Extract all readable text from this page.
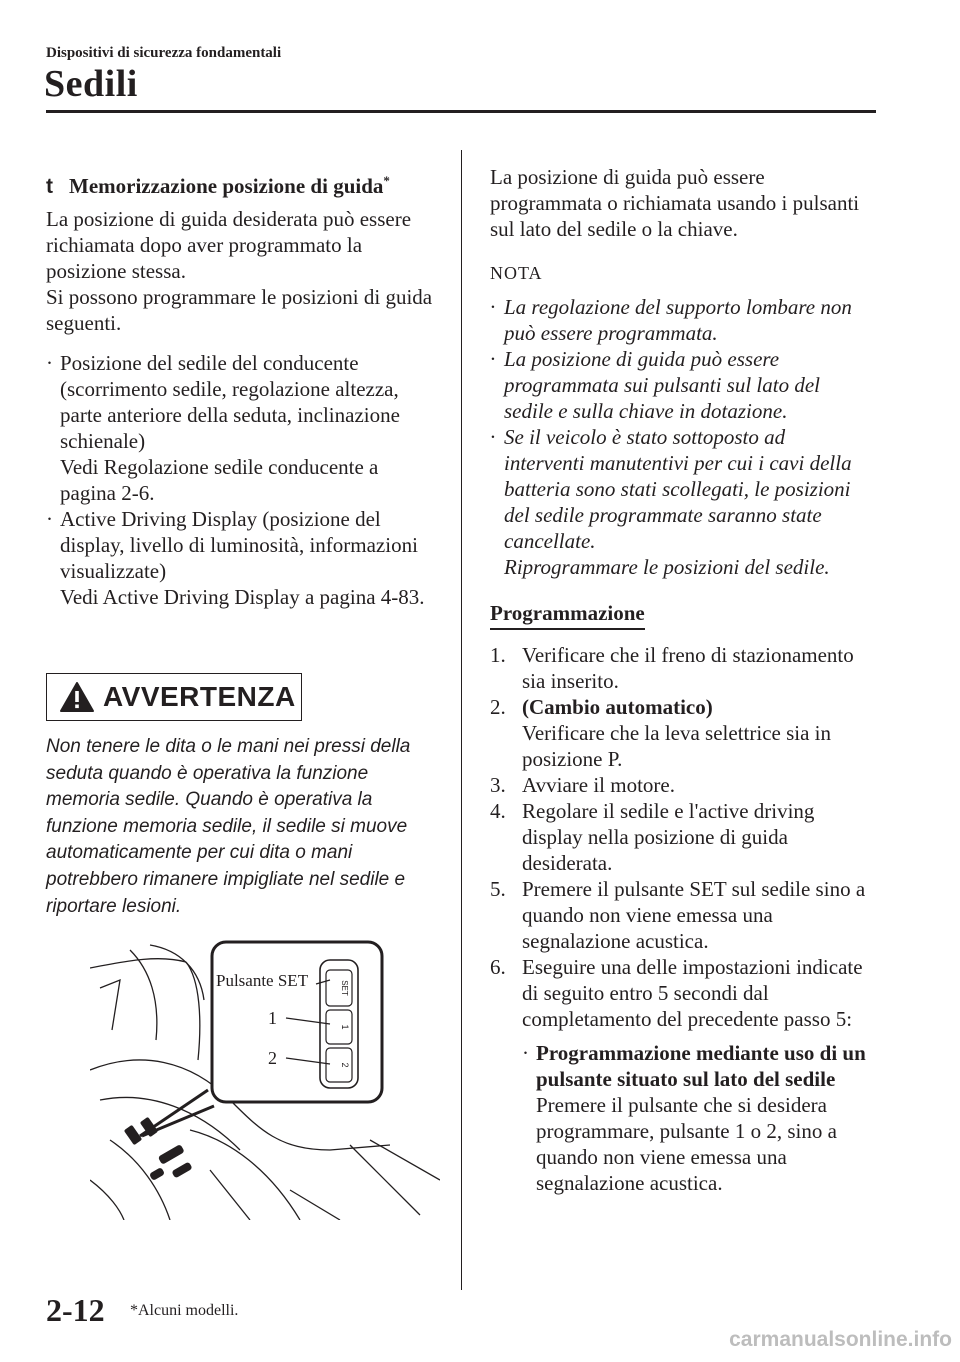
Dispositivi di sicurezza fondamentali
Sedili
t Memorizzazione posizione di guida*

La posizione di guida desiderata può essere richiamata dopo aver programmato la posizione stessa.

Si possono programmare le posizioni di guida seguenti.

· Posizione del sedile del conducente (scorrimento sedile, regolazione altezza, parte anteriore della seduta, inclinazione schienale)

Vedi Regolazione sedile conducente a pagina 2-6.

· Active Driving Display (posizione del display, livello di luminosità, informazioni visualizzate)

Vedi Active Driving Display a pagina 4-83.

AVVERTENZA
Non tenere le dita o le mani nei pressi della seduta quando è operativa la funzione memoria sedile. Quando è operativa la funzione memoria sedile, il sedile si muove automaticamente per cui dita o mani potrebbero rimanere impigliate nel sedile e riportare lesioni.
SET
1
2
Pulsante SET
1
2
La posizione di guida può essere programmata o richiamata usando i pulsanti sul lato del sedile o la chiave.
NOTA
· La regolazione del supporto lombare non può essere programmata.

· La posizione di guida può essere programmata sui pulsanti sul lato del sedile e sulla chiave in dotazione.

· Se il veicolo è stato sottoposto ad interventi manutentivi per cui i cavi della batteria sono stati scollegati, le posizioni del sedile programmate saranno state cancellate.

Riprogrammare le posizioni del sedile.

Programmazione
1. Verificare che il freno di stazionamento sia inserito.

2. (Cambio automatico)

Verificare che la leva selettrice sia in posizione P.

3. Avviare il motore.

4. Regolare il sedile e l'active driving display nella posizione di guida desiderata.

5. Premere il pulsante SET sul sedile sino a quando non viene emessa una segnalazione acustica.

6. Eseguire una delle impostazioni indicate di seguito entro 5 secondi dal completamento del precedente passo 5:

· Programmazione mediante uso di un pulsante situato sul lato del sedile

Premere il pulsante che si desidera programmare, pulsante 1 o 2, sino a quando non viene emessa una segnalazione acustica.

2-12 *Alcuni modelli.
carmanualsonline.info
